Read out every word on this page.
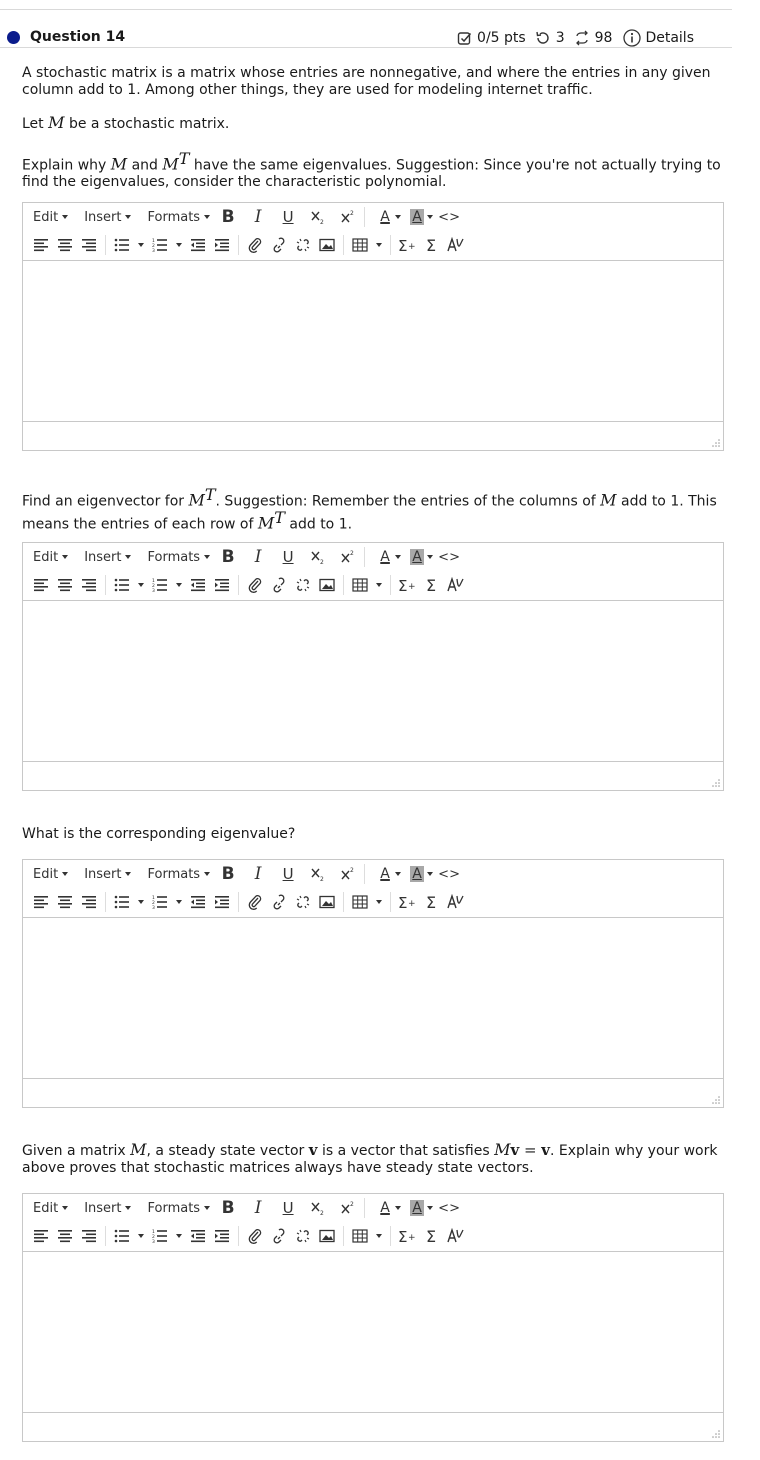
Question 14	0/5 pts 3 98 Details

A stochastic matrix is a matrix whose entries are nonnegative, and where the entries in any given column add to 1. Among other things, they are used for modeling internet traffic.

Let M be a stochastic matrix.

Explain why M and $M^T$ have the same eigenvalues. Suggestion: Since you're not actually trying to find the eigenvalues, consider the characteristic polynomial.

Edit Insert Formats	B	I	U	2
2	A	A <>
1
2
3	Σ + Σ

Find an eigenvector for $M^T$. Suggestion: Remember the entries of the columns of M add to 1. This means the entries of each row of $M^T$ add to 1.

Edit Insert Formats	B	I	U	2
2	A	A <>
1
2
3	Σ + Σ

What is the corresponding eigenvalue?

Edit Insert Formats	B	I	U	2
2	A	A <>
1
2
3	Σ + Σ

Given a matrix M, a steady state vector v is a vector that satisfies Mv = v. Explain why your work above proves that stochastic matrices always have steady state vectors.

Edit Insert Formats	B	I	U	2
2	A	A <>
1
2
3	Σ + Σ
